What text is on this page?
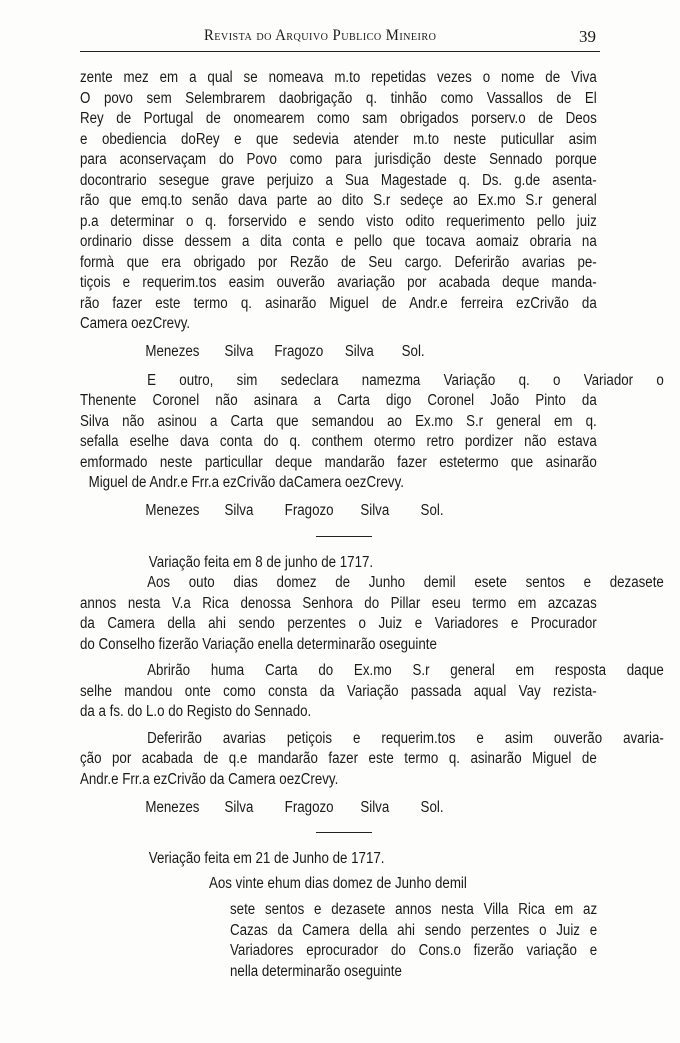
Revista do Arquivo Publico Mineiro	39
zente mez em a qual se nomeava m.to repetidas vezes o nome de Viva
O povo sem Selembrarem daobrigação q. tinhão como Vassallos de El
Rey de Portugal de onomearem como sam obrigados porserv.o de Deos
e obediencia doRey e que sedevia atender m.to neste puticullar asim
para aconservaçam do Povo como para jurisdição deste Sennado porque
docontrario sesegue grave perjuizo a Sua Magestade q. Ds. g.de asenta-
rão que emq.to senão dava parte ao dito S.r sedeçe ao Ex.mo S.r general
p.a determinar o q. forservido e sendo visto odito requerimento pello juiz
ordinario disse dessem a dita conta e pello que tocava aomaiz obraria na
formà que era obrigado por Rezão de Seu cargo. Deferirão avarias pe-
tiçois e requerim.tos easim ouverão avariação por acabada deque manda-
rão fazer este termo q. asinarão Miguel de Andr.e ferreira ezCrivão da
Camera oezCrevy.
Menezes	Silva	Fragozo	Silva	Sol.
E outro, sim sedeclara namezma Variação q. o Variador o
Thenente Coronel não asinara a Carta digo Coronel João Pinto da
Silva não asinou a Carta que semandou ao Ex.mo S.r general em q.
sefalla eselhe dava conta do q. conthem otermo retro pordizer não estava
emformado neste particullar deque mandarão fazer estetermo que asinarão
Miguel de Andr.e Frr.a ezCrivão daCamera oezCrevy.
Menezes	Silva	Fragozo	Silva	Sol.
Variação feita em 8 de junho de 1717.
Aos outo dias domez de Junho demil esete sentos e dezasete
annos nesta V.a Rica denossa Senhora do Pillar eseu termo em azcazas
da Camera della ahi sendo perzentes o Juiz e Variadores e Procurador
do Conselho fizerão Variação enella determinarão oseguinte
Abrirão huma Carta do Ex.mo S.r general em resposta daque
selhe mandou onte como consta da Variação passada aqual Vay rezista-
da a fs. do L.o do Registo do Sennado.
Deferirão avarias petiçois e requerim.tos e asim ouverão avaria-
ção por acabada de q.e mandarão fazer este termo q. asinarão Miguel de
Andr.e Frr.a ezCrivão da Camera oezCrevy.
Menezes	Silva	Fragozo	Silva	Sol.
Veriação feita em 21 de Junho de 1717.
Aos vinte ehum dias domez de Junho demil
sete sentos e dezasete annos nesta Villa Rica em az
Cazas da Camera della ahi sendo perzentes o Juiz e
Variadores eprocurador do Cons.o fizerão variação e
nella determinarão oseguinte
